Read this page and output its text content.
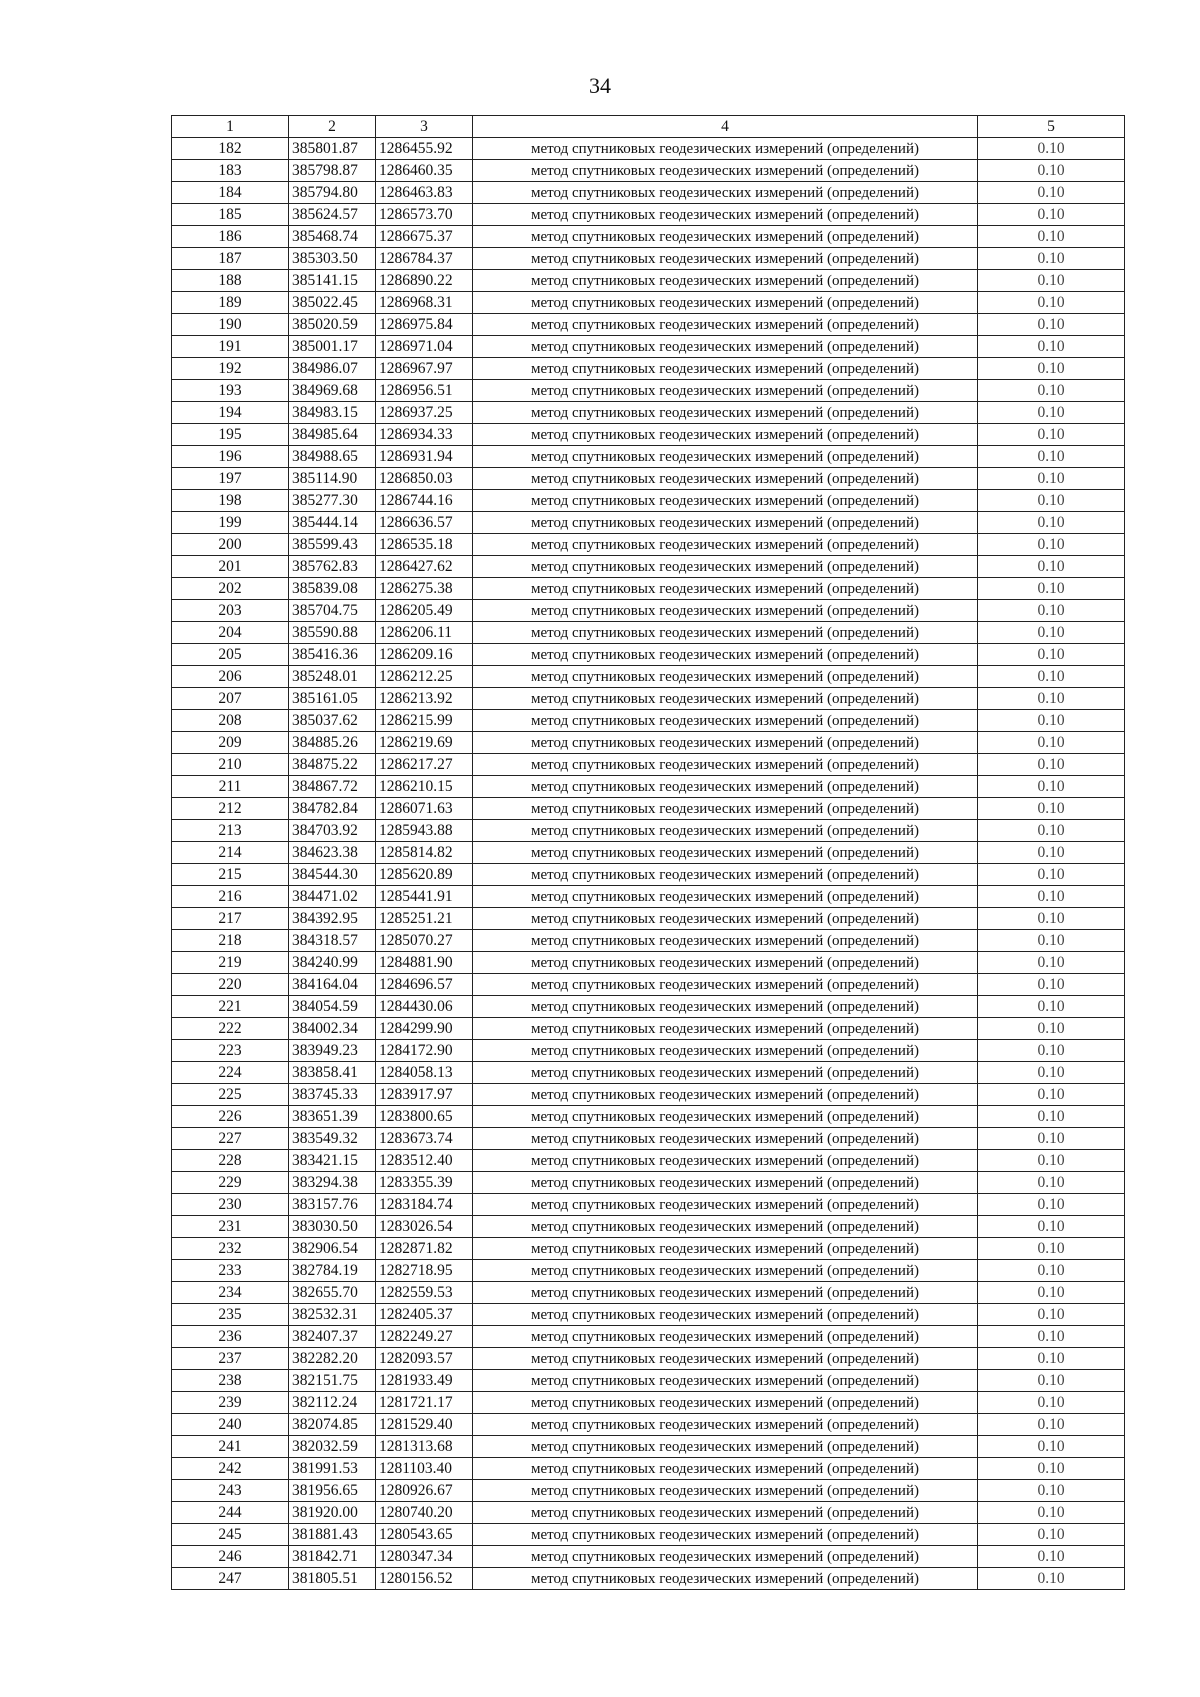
34
1	2	3	4	5
182	385801.87	1286455.92	метод спутниковых геодезических измерений (определений)	0.10
183	385798.87	1286460.35	метод спутниковых геодезических измерений (определений)	0.10
184	385794.80	1286463.83	метод спутниковых геодезических измерений (определений)	0.10
185	385624.57	1286573.70	метод спутниковых геодезических измерений (определений)	0.10
186	385468.74	1286675.37	метод спутниковых геодезических измерений (определений)	0.10
187	385303.50	1286784.37	метод спутниковых геодезических измерений (определений)	0.10
188	385141.15	1286890.22	метод спутниковых геодезических измерений (определений)	0.10
189	385022.45	1286968.31	метод спутниковых геодезических измерений (определений)	0.10
190	385020.59	1286975.84	метод спутниковых геодезических измерений (определений)	0.10
191	385001.17	1286971.04	метод спутниковых геодезических измерений (определений)	0.10
192	384986.07	1286967.97	метод спутниковых геодезических измерений (определений)	0.10
193	384969.68	1286956.51	метод спутниковых геодезических измерений (определений)	0.10
194	384983.15	1286937.25	метод спутниковых геодезических измерений (определений)	0.10
195	384985.64	1286934.33	метод спутниковых геодезических измерений (определений)	0.10
196	384988.65	1286931.94	метод спутниковых геодезических измерений (определений)	0.10
197	385114.90	1286850.03	метод спутниковых геодезических измерений (определений)	0.10
198	385277.30	1286744.16	метод спутниковых геодезических измерений (определений)	0.10
199	385444.14	1286636.57	метод спутниковых геодезических измерений (определений)	0.10
200	385599.43	1286535.18	метод спутниковых геодезических измерений (определений)	0.10
201	385762.83	1286427.62	метод спутниковых геодезических измерений (определений)	0.10
202	385839.08	1286275.38	метод спутниковых геодезических измерений (определений)	0.10
203	385704.75	1286205.49	метод спутниковых геодезических измерений (определений)	0.10
204	385590.88	1286206.11	метод спутниковых геодезических измерений (определений)	0.10
205	385416.36	1286209.16	метод спутниковых геодезических измерений (определений)	0.10
206	385248.01	1286212.25	метод спутниковых геодезических измерений (определений)	0.10
207	385161.05	1286213.92	метод спутниковых геодезических измерений (определений)	0.10
208	385037.62	1286215.99	метод спутниковых геодезических измерений (определений)	0.10
209	384885.26	1286219.69	метод спутниковых геодезических измерений (определений)	0.10
210	384875.22	1286217.27	метод спутниковых геодезических измерений (определений)	0.10
211	384867.72	1286210.15	метод спутниковых геодезических измерений (определений)	0.10
212	384782.84	1286071.63	метод спутниковых геодезических измерений (определений)	0.10
213	384703.92	1285943.88	метод спутниковых геодезических измерений (определений)	0.10
214	384623.38	1285814.82	метод спутниковых геодезических измерений (определений)	0.10
215	384544.30	1285620.89	метод спутниковых геодезических измерений (определений)	0.10
216	384471.02	1285441.91	метод спутниковых геодезических измерений (определений)	0.10
217	384392.95	1285251.21	метод спутниковых геодезических измерений (определений)	0.10
218	384318.57	1285070.27	метод спутниковых геодезических измерений (определений)	0.10
219	384240.99	1284881.90	метод спутниковых геодезических измерений (определений)	0.10
220	384164.04	1284696.57	метод спутниковых геодезических измерений (определений)	0.10
221	384054.59	1284430.06	метод спутниковых геодезических измерений (определений)	0.10
222	384002.34	1284299.90	метод спутниковых геодезических измерений (определений)	0.10
223	383949.23	1284172.90	метод спутниковых геодезических измерений (определений)	0.10
224	383858.41	1284058.13	метод спутниковых геодезических измерений (определений)	0.10
225	383745.33	1283917.97	метод спутниковых геодезических измерений (определений)	0.10
226	383651.39	1283800.65	метод спутниковых геодезических измерений (определений)	0.10
227	383549.32	1283673.74	метод спутниковых геодезических измерений (определений)	0.10
228	383421.15	1283512.40	метод спутниковых геодезических измерений (определений)	0.10
229	383294.38	1283355.39	метод спутниковых геодезических измерений (определений)	0.10
230	383157.76	1283184.74	метод спутниковых геодезических измерений (определений)	0.10
231	383030.50	1283026.54	метод спутниковых геодезических измерений (определений)	0.10
232	382906.54	1282871.82	метод спутниковых геодезических измерений (определений)	0.10
233	382784.19	1282718.95	метод спутниковых геодезических измерений (определений)	0.10
234	382655.70	1282559.53	метод спутниковых геодезических измерений (определений)	0.10
235	382532.31	1282405.37	метод спутниковых геодезических измерений (определений)	0.10
236	382407.37	1282249.27	метод спутниковых геодезических измерений (определений)	0.10
237	382282.20	1282093.57	метод спутниковых геодезических измерений (определений)	0.10
238	382151.75	1281933.49	метод спутниковых геодезических измерений (определений)	0.10
239	382112.24	1281721.17	метод спутниковых геодезических измерений (определений)	0.10
240	382074.85	1281529.40	метод спутниковых геодезических измерений (определений)	0.10
241	382032.59	1281313.68	метод спутниковых геодезических измерений (определений)	0.10
242	381991.53	1281103.40	метод спутниковых геодезических измерений (определений)	0.10
243	381956.65	1280926.67	метод спутниковых геодезических измерений (определений)	0.10
244	381920.00	1280740.20	метод спутниковых геодезических измерений (определений)	0.10
245	381881.43	1280543.65	метод спутниковых геодезических измерений (определений)	0.10
246	381842.71	1280347.34	метод спутниковых геодезических измерений (определений)	0.10
247	381805.51	1280156.52	метод спутниковых геодезических измерений (определений)	0.10
